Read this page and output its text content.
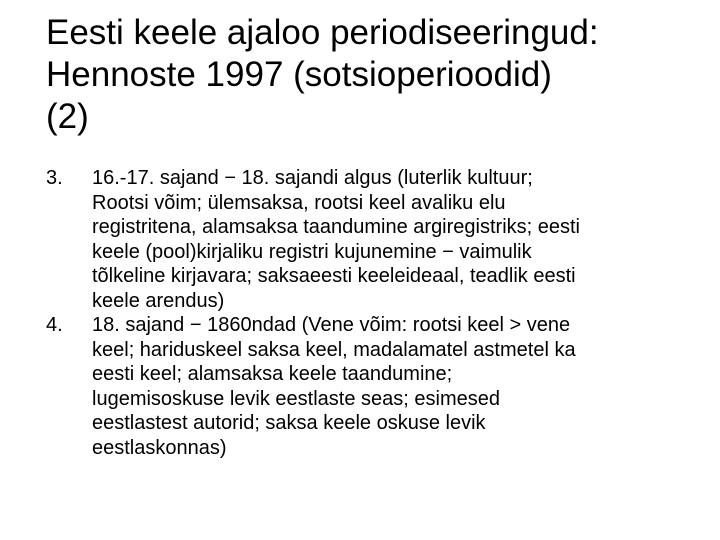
Eesti keele ajaloo periodiseeringud:
Hennoste 1997 (sotsioperioodid)
(2)
3. 16.-17. sajand − 18. sajandi algus (luterlik kultuur;
Rootsi võim; ülemsaksa, rootsi keel avaliku elu
registritena, alamsaksa taandumine argiregistriks; eesti
keele (pool)kirjaliku registri kujunemine − vaimulik
tõlkeline kirjavara; saksaeesti keeleideaal, teadlik eesti
keele arendus)
4. 18. sajand − 1860ndad (Vene võim: rootsi keel > vene
keel; hariduskeel saksa keel, madalamatel astmetel ka
eesti keel; alamsaksa keele taandumine;
lugemisoskuse levik eestlaste seas; esimesed
eestlastest autorid; saksa keele oskuse levik
eestlaskonnas)
